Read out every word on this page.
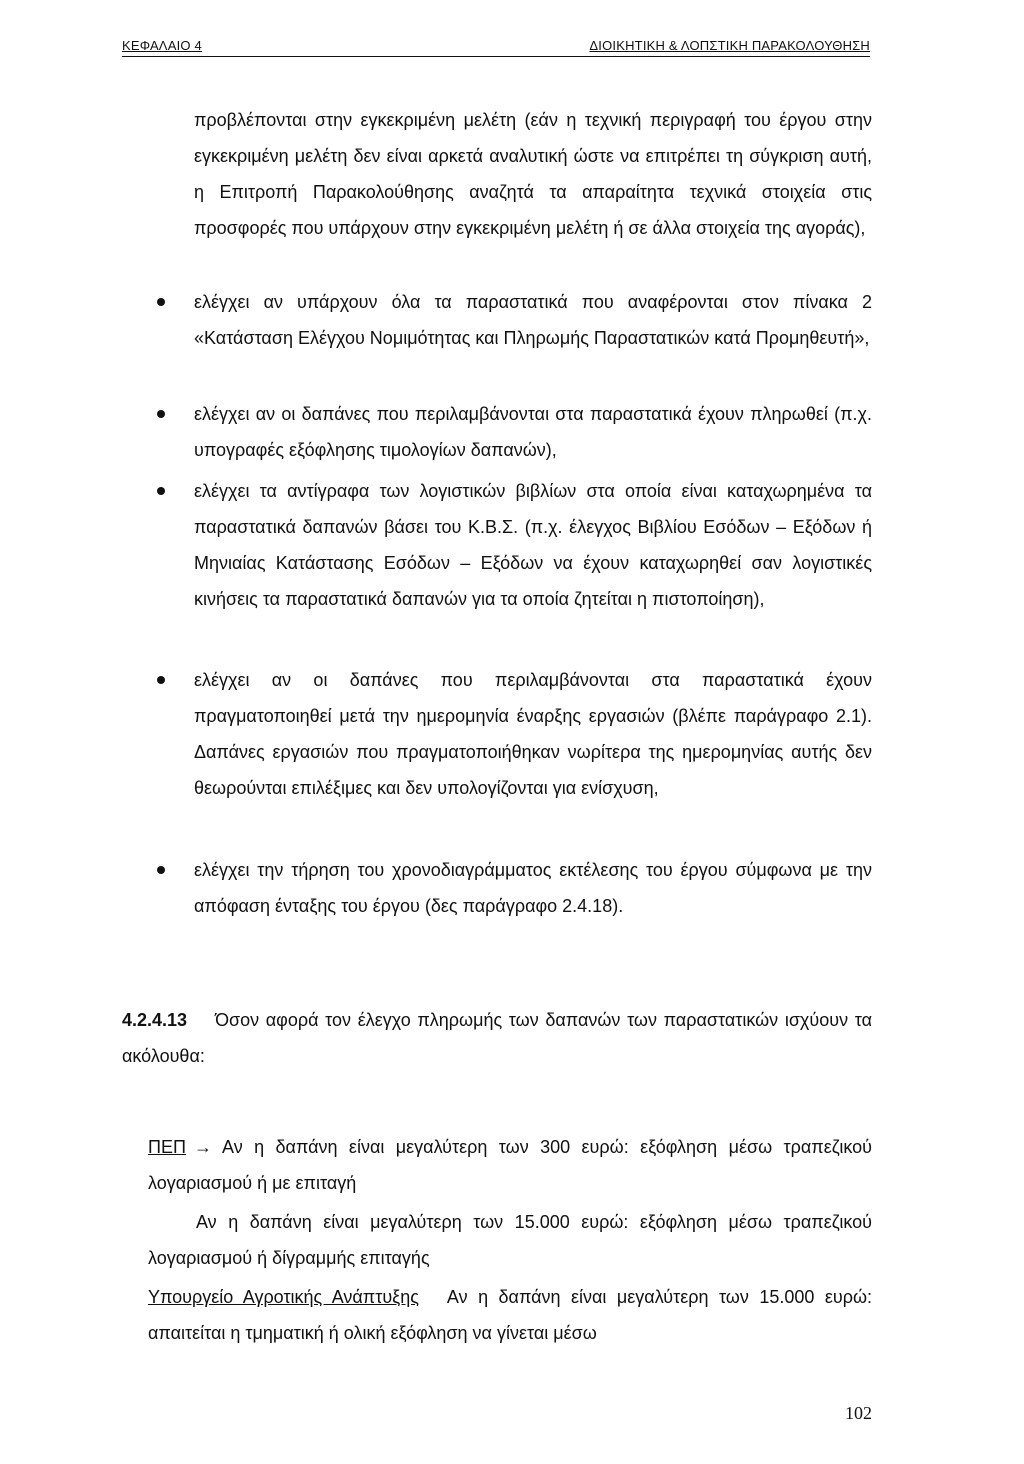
ΚΕΦΑΛΑΙΟ 4	ΔΙΟΙΚΗΤΙΚΗ & ΛΟΠΣΤΙΚΗ ΠΑΡΑΚΟΛΟΥΘΗΣΗ
προβλέπονται στην εγκεκριμένη μελέτη (εάν η τεχνική περιγραφή του έργου στην εγκεκριμένη μελέτη δεν είναι αρκετά αναλυτική ώστε να επιτρέπει τη σύγκριση αυτή, η Επιτροπή Παρακολούθησης αναζητά τα απαραίτητα τεχνικά στοιχεία στις προσφορές που υπάρχουν στην εγκεκριμένη μελέτη ή σε άλλα στοιχεία της αγοράς),
ελέγχει αν υπάρχουν όλα τα παραστατικά που αναφέρονται στον πίνακα 2 «Κατάσταση Ελέγχου Νομιμότητας και Πληρωμής Παραστατικών κατά Προμηθευτή»,
ελέγχει αν οι δαπάνες που περιλαμβάνονται στα παραστατικά έχουν πληρωθεί (π.χ. υπογραφές εξόφλησης τιμολογίων δαπανών),
ελέγχει τα αντίγραφα των λογιστικών βιβλίων στα οποία είναι καταχωρημένα τα παραστατικά δαπανών βάσει του Κ.Β.Σ. (π.χ. έλεγχος Βιβλίου Εσόδων – Εξόδων ή Μηνιαίας Κατάστασης Εσόδων – Εξόδων να έχουν καταχωρηθεί σαν λογιστικές κινήσεις τα παραστατικά δαπανών για τα οποία ζητείται η πιστοποίηση),
ελέγχει αν οι δαπάνες που περιλαμβάνονται στα παραστατικά έχουν πραγματοποιηθεί μετά την ημερομηνία έναρξης εργασιών (βλέπε παράγραφο 2.1). Δαπάνες εργασιών που πραγματοποιήθηκαν νωρίτερα της ημερομηνίας αυτής δεν θεωρούνται επιλέξιμες και δεν υπολογίζονται για ενίσχυση,
ελέγχει την τήρηση του χρονοδιαγράμματος εκτέλεσης του έργου σύμφωνα με την απόφαση ένταξης του έργου (δες παράγραφο 2.4.18).
4.2.4.13 Όσον αφορά τον έλεγχο πληρωμής των δαπανών των παραστατικών ισχύουν τα ακόλουθα:
ΠΕΠ → Αν η δαπάνη είναι μεγαλύτερη των 300 ευρώ: εξόφληση μέσω τραπεζικού λογαριασμού ή με επιταγή
Αν η δαπάνη είναι μεγαλύτερη των 15.000 ευρώ: εξόφληση μέσω τραπεζικού λογαριασμού ή δίγραμμής επιταγής
Υπουργείο Αγροτικής Ανάπτυξης Αν η δαπάνη είναι μεγαλύτερη των 15.000 ευρώ: απαιτείται η τμηματική ή ολική εξόφληση να γίνεται μέσω
102
